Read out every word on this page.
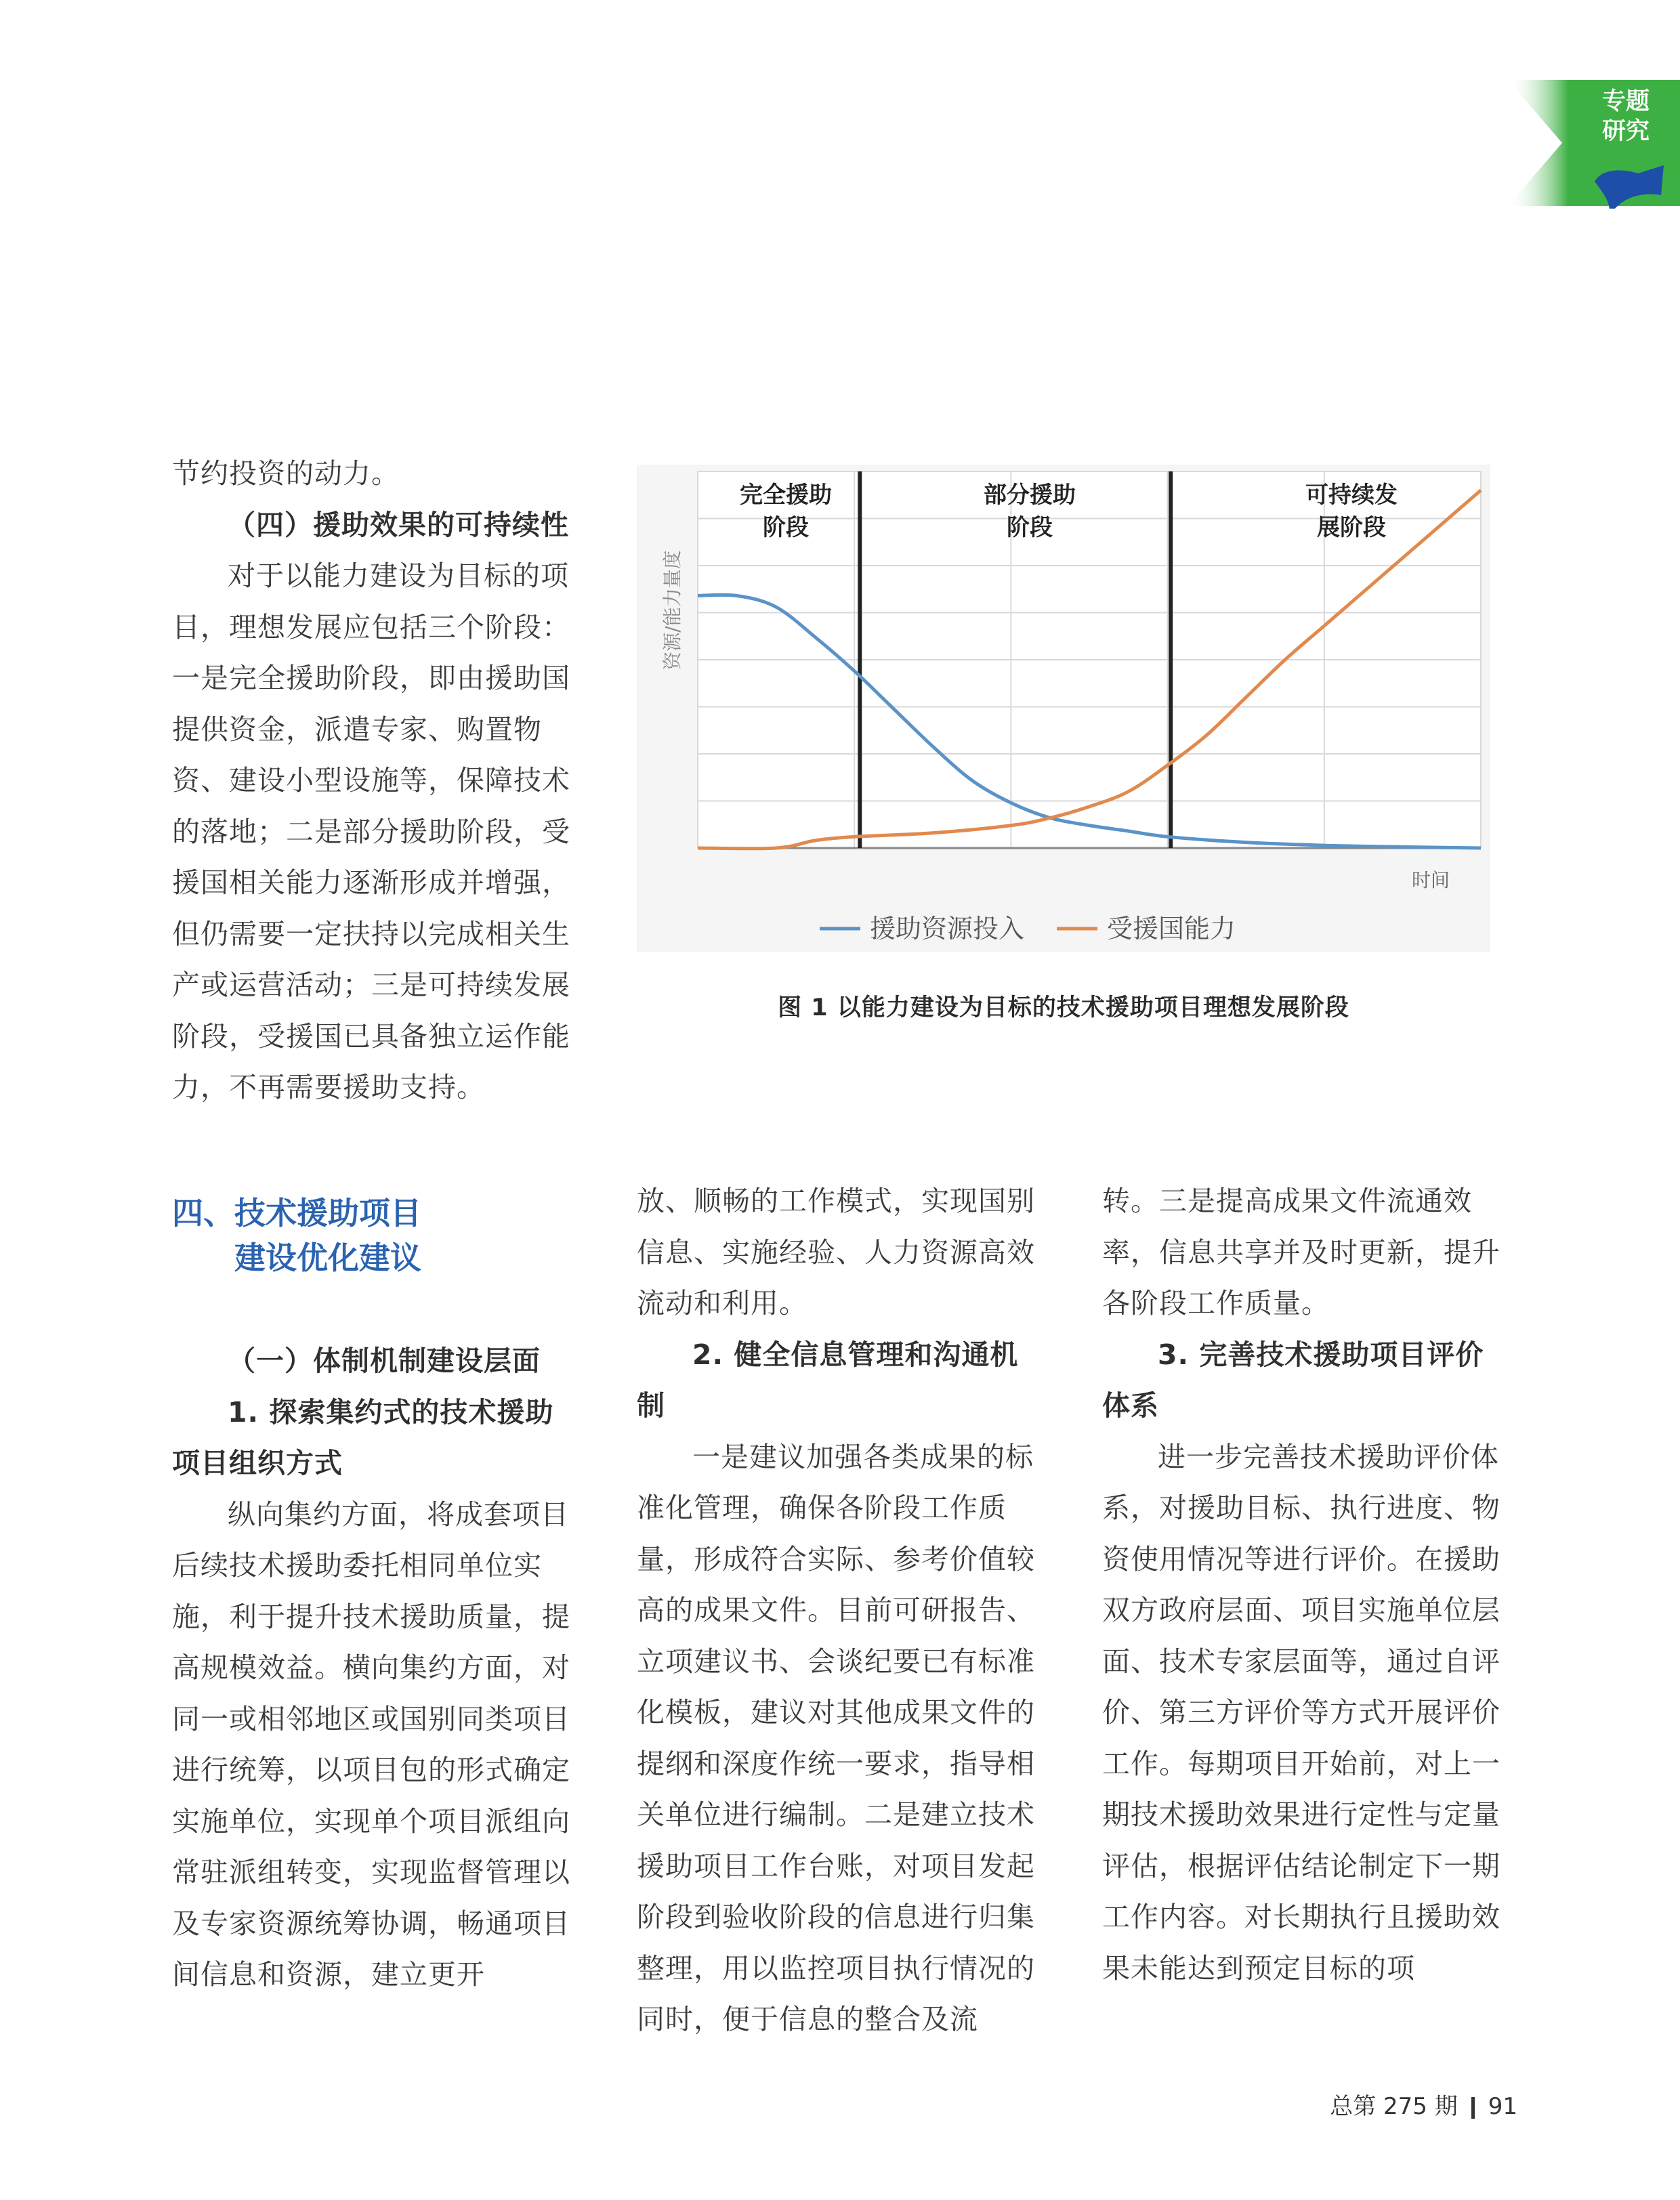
专题
研究

节约投资的动力。

（四）援助效果的可持续性

对于以能力建设为目标的项目，理想发展应包括三个阶段：一是完全援助阶段，即由援助国提供资金，派遣专家、购置物资、建设小型设施等，保障技术的落地；二是部分援助阶段，受援国相关能力逐渐形成并增强，但仍需要一定扶持以完成相关生产或运营活动；三是可持续发展阶段，受援国已具备独立运作能力，不再需要援助支持。

四、技术援助项目
建设优化建议

（一）体制机制建设层面

1. 探索集约式的技术援助项目组织方式

纵向集约方面，将成套项目后续技术援助委托相同单位实施，利于提升技术援助质量，提高规模效益。横向集约方面，对同一或相邻地区或国别同类项目进行统筹，以项目包的形式确定实施单位，实现单个项目派组向常驻派组转变，实现监督管理以及专家资源统筹协调，畅通项目间信息和资源，建立更开

放、顺畅的工作模式，实现国别信息、实施经验、人力资源高效流动和利用。

2. 健全信息管理和沟通机制

一是建议加强各类成果的标准化管理，确保各阶段工作质量，形成符合实际、参考价值较高的成果文件。目前可研报告、立项建议书、会谈纪要已有标准化模板，建议对其他成果文件的提纲和深度作统一要求，指导相关单位进行编制。二是建立技术援助项目工作台账，对项目发起阶段到验收阶段的信息进行归集整理，用以监控项目执行情况的同时，便于信息的整合及流

转。三是提高成果文件流通效率，信息共享并及时更新，提升各阶段工作质量。

3. 完善技术援助项目评价体系

进一步完善技术援助评价体系，对援助目标、执行进度、物资使用情况等进行评价。在援助双方政府层面、项目实施单位层面、技术专家层面等，通过自评价、第三方评价等方式开展评价工作。每期项目开始前，对上一期技术援助效果进行定性与定量评估，根据评估结论制定下一期工作内容。对长期执行且援助效果未能达到预定目标的项

资源/能力量度
时间
完全援助
阶段
部分援助
阶段
可持续发
展阶段
援助资源投入	受援国能力
图 1 以能力建设为目标的技术援助项目理想发展阶段
总第 275 期 91
